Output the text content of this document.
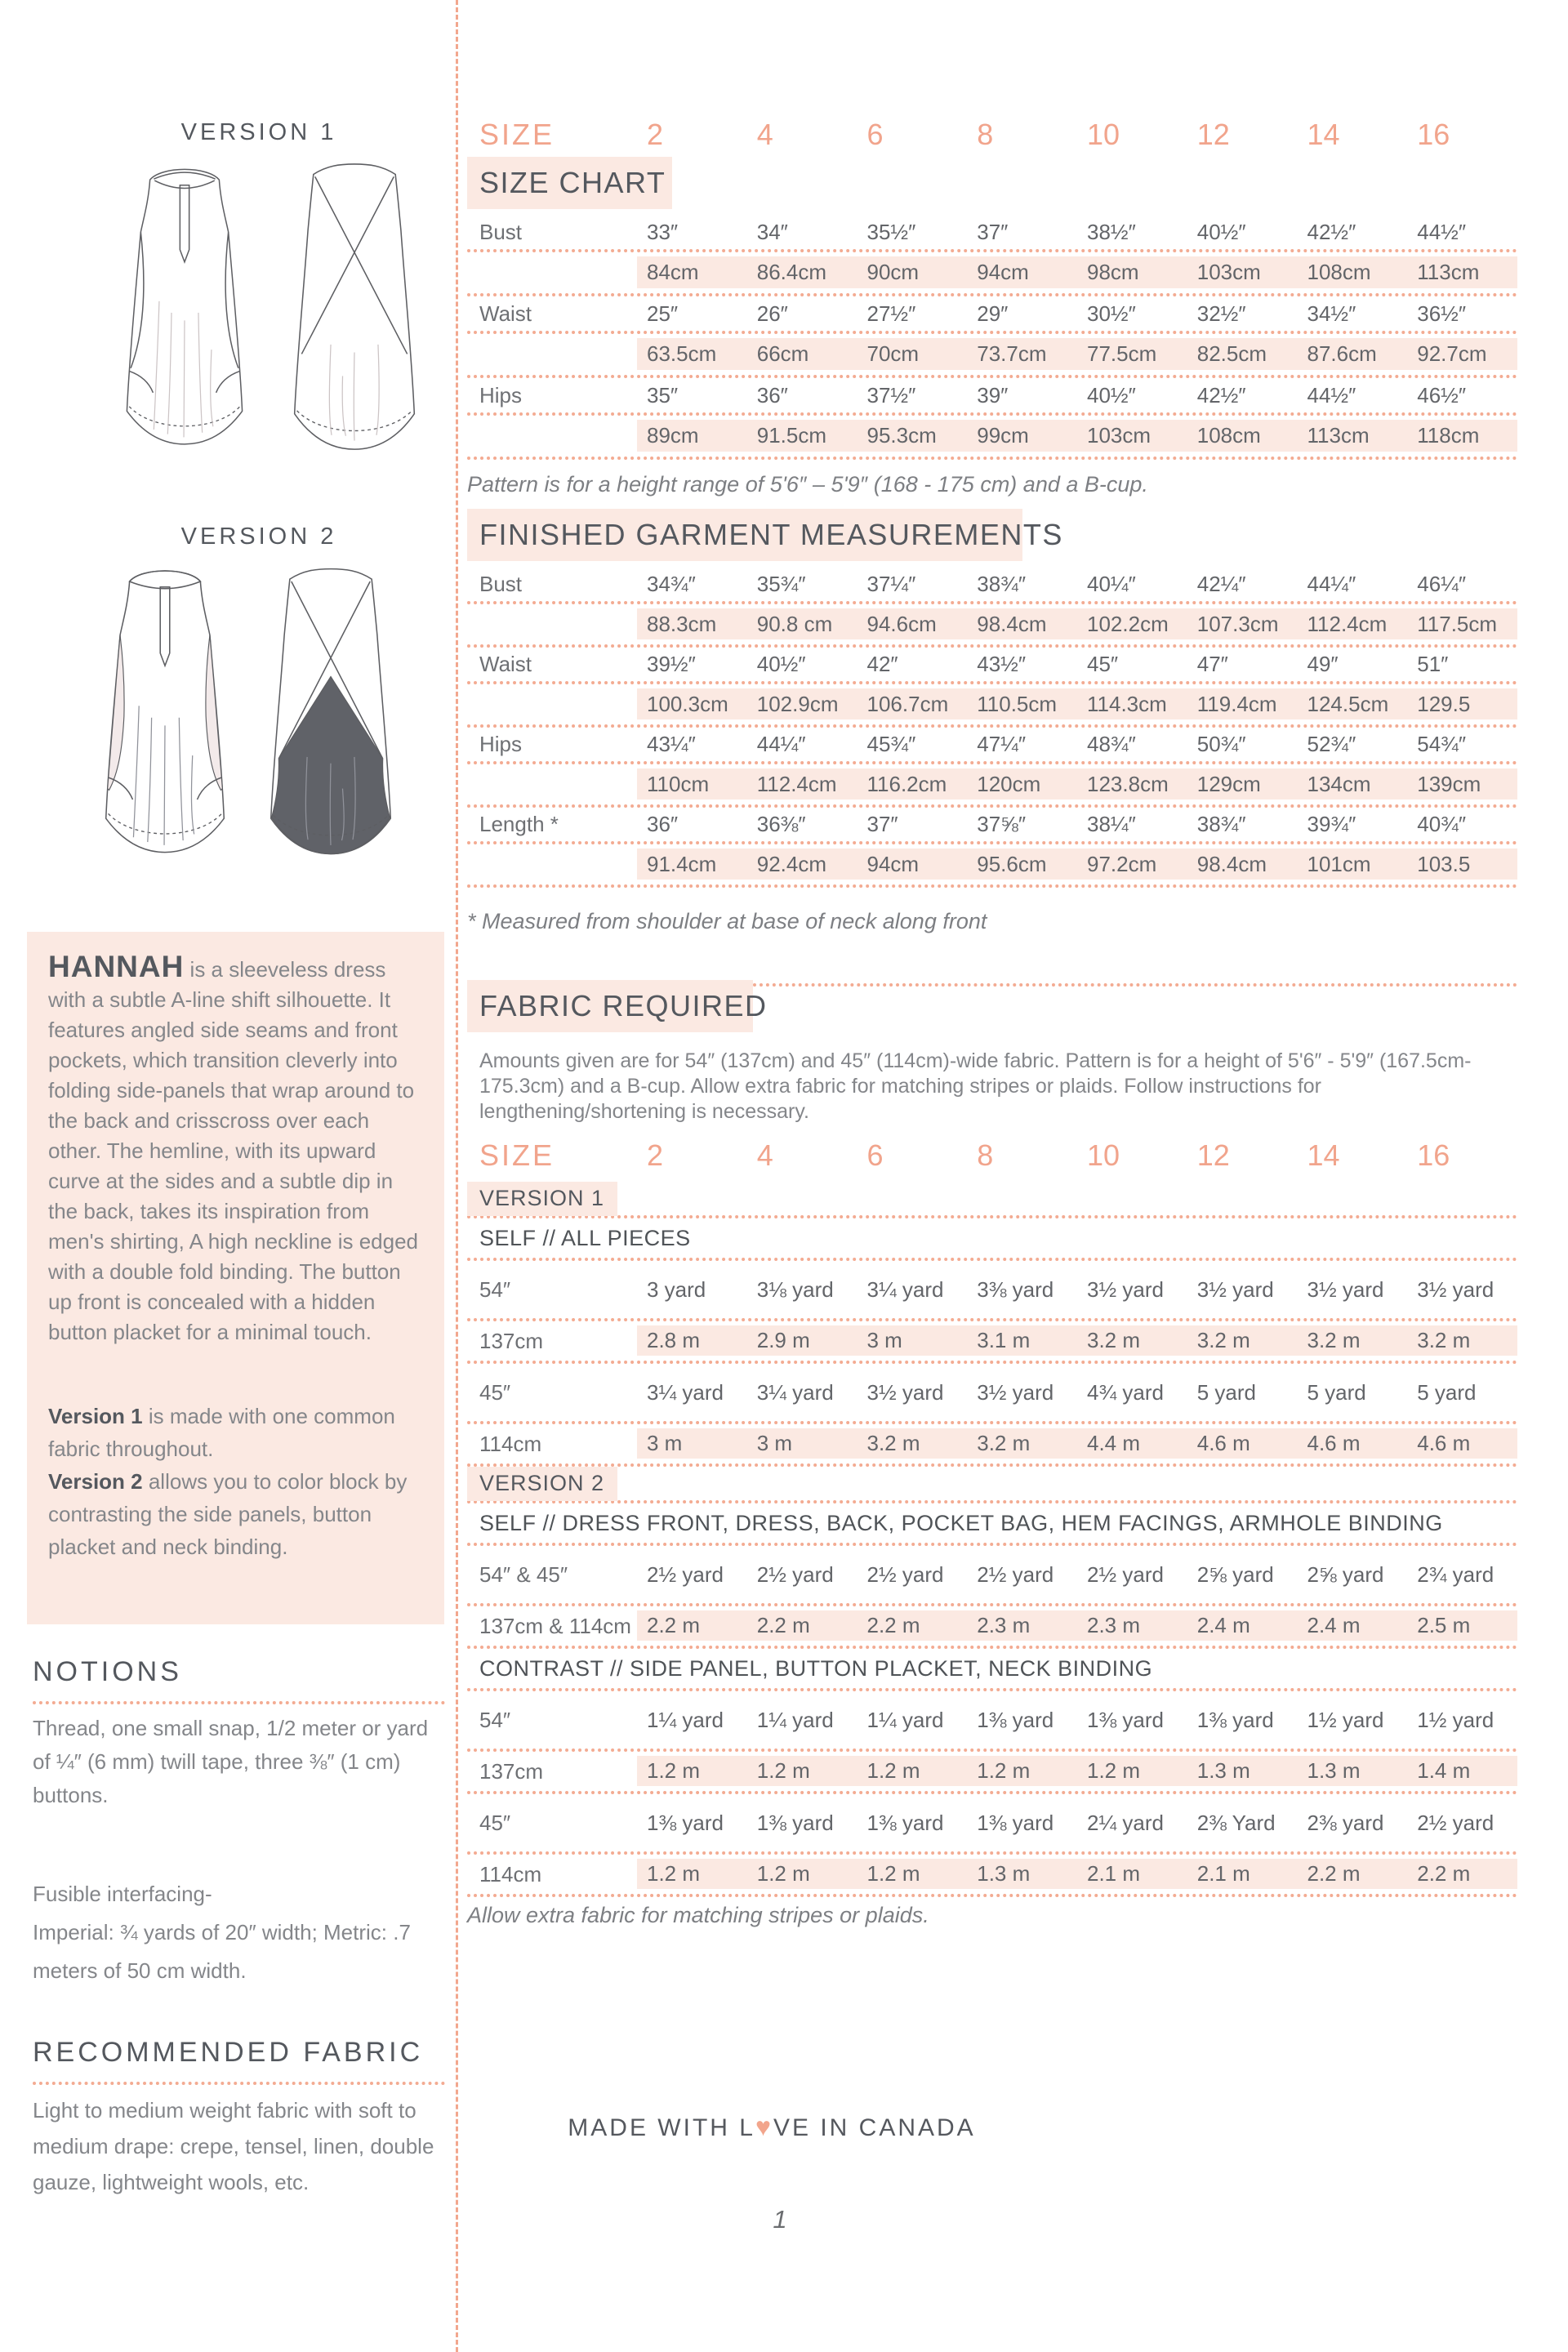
VERSION 1
VERSION 2

HANNAH is a sleeveless dress with a subtle A-line shift silhouette. It features angled side seams and front pockets, which transition cleverly into folding side-panels that wrap around to the back and crisscross over each other. The hemline, with its upward curve at the sides and a subtle dip in the back, takes its inspiration from men's shirting, A high neckline is edged with a double fold binding. The button up front is concealed with a hidden button placket for a minimal touch.

Version 1 is made with one common fabric throughout.

Version 2 allows you to color block by contrasting the side panels, button placket and neck binding.

NOTIONS
Thread, one small snap, 1/2 meter or yard of ¼″ (6 mm) twill tape, three ⅜″ (1 cm) buttons.
Fusible interfacing-
Imperial: ¾ yards of 20″ width; Metric: .7 meters of 50 cm width.
RECOMMENDED FABRIC
Light to medium weight fabric with soft to medium drape: crepe, tensel, linen, double gauze, lightweight wools, etc.
SIZE	2	4	6	8	10	12	14	16
SIZE CHART
Bust	33″	34″	35½″	37″	38½″	40½″	42½″	44½″
84cm	86.4cm	90cm	94cm	98cm	103cm	108cm	113cm
Waist	25″	26″	27½″	29″	30½″	32½″	34½″	36½″
63.5cm	66cm	70cm	73.7cm	77.5cm	82.5cm	87.6cm	92.7cm
Hips	35″	36″	37½″	39″	40½″	42½″	44½″	46½″
89cm	91.5cm	95.3cm	99cm	103cm	108cm	113cm	118cm
Pattern is for a height range of 5'6″ – 5'9″ (168 - 175 cm) and a B-cup.
FINISHED GARMENT MEASUREMENTS
Bust	34¾″	35¾″	37¼″	38¾″	40¼″	42¼″	44¼″	46¼″
88.3cm	90.8 cm	94.6cm	98.4cm	102.2cm	107.3cm	112.4cm	117.5cm
Waist	39½″	40½″	42″	43½″	45″	47″	49″	51″
100.3cm	102.9cm	106.7cm	110.5cm	114.3cm	119.4cm	124.5cm	129.5
Hips	43¼″	44¼″	45¾″	47¼″	48¾″	50¾″	52¾″	54¾″
110cm	112.4cm	116.2cm	120cm	123.8cm	129cm	134cm	139cm
Length *	36″	36⅜″	37″	37⅝″	38¼″	38¾″	39¾″	40¾″
91.4cm	92.4cm	94cm	95.6cm	97.2cm	98.4cm	101cm	103.5
* Measured from shoulder at base of neck along front
FABRIC REQUIRED
Amounts given are for 54″ (137cm) and 45″ (114cm)-wide fabric. Pattern is for a height of 5'6″ - 5'9″ (167.5cm-175.3cm) and a B-cup. Allow extra fabric for matching stripes or plaids. Follow instructions for lengthening/shortening is necessary.
SIZE	2	4	6	8	10	12	14	16
VERSION 1
SELF // ALL PIECES
54″	3 yard	3⅛ yard	3¼ yard	3⅜ yard	3½ yard	3½ yard	3½ yard	3½ yard
137cm	2.8 m	2.9 m	3 m	3.1 m	3.2 m	3.2 m	3.2 m	3.2 m
45″	3¼ yard	3¼ yard	3½ yard	3½ yard	4¾ yard	5 yard	5 yard	5 yard
114cm	3 m	3 m	3.2 m	3.2 m	4.4 m	4.6 m	4.6 m	4.6 m
VERSION 2
SELF // DRESS FRONT, DRESS, BACK, POCKET BAG, HEM FACINGS, ARMHOLE BINDING
54″ & 45″	2½ yard	2½ yard	2½ yard	2½ yard	2½ yard	2⅝ yard	2⅝ yard	2¾ yard
137cm & 114cm 2.2 m	2.2 m	2.2 m	2.3 m	2.3 m	2.4 m	2.4 m	2.5 m
CONTRAST // SIDE PANEL, BUTTON PLACKET, NECK BINDING
54″	1¼ yard	1¼ yard	1¼ yard	1⅜ yard	1⅜ yard	1⅜ yard	1½ yard	1½ yard
137cm	1.2 m	1.2 m	1.2 m	1.2 m	1.2 m	1.3 m	1.3 m	1.4 m
45″	1⅜ yard	1⅜ yard	1⅜ yard	1⅜ yard	2¼ yard	2⅜ Yard	2⅜ yard	2½ yard
114cm	1.2 m	1.2 m	1.2 m	1.3 m	2.1 m	2.1 m	2.2 m	2.2 m
Allow extra fabric for matching stripes or plaids.
MADE WITH L♥VE IN CANADA
1
